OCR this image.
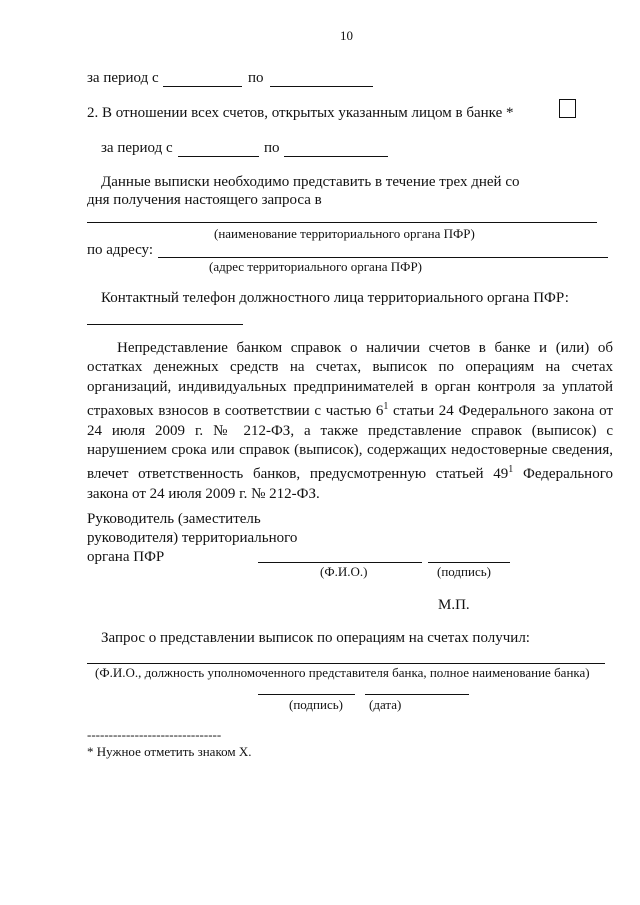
10
за период с	по
2. В отношении всех счетов, открытых указанным лицом в банке *
за период с	по
Данные выписки необходимо представить в течение трех дней со
дня получения настоящего запроса в
(наименование территориального органа ПФР)
по адресу:
(адрес территориального органа ПФР)
Контактный телефон должностного лица территориального органа ПФР:

Непредставление банком справок о наличии счетов в банке и (или) об остатках денежных средств на счетах, выписок по операциям на счетах организаций, индивидуальных предпринимателей в орган контроля за уплатой страховых взносов в соответствии с частью $6^1$ статьи 24 Федерального закона от 24 июля 2009 г. № 212-ФЗ, а также представление справок (выписок) с нарушением срока или справок (выписок), содержащих недостоверные сведения, влечет ответственность банков, предусмотренную статьей $49^1$ Федерального закона от 24 июля 2009 г. № 212-ФЗ.

Руководитель (заместитель
руководителя) территориального
органа ПФР
(Ф.И.О.)	(подпись)
М.П.
Запрос о представлении выписок по операциям на счетах получил:
(Ф.И.О., должность уполномоченного представителя банка, полное наименование банка)
(подпись) (дата)
-------------------------------
* Нужное отметить знаком X.
